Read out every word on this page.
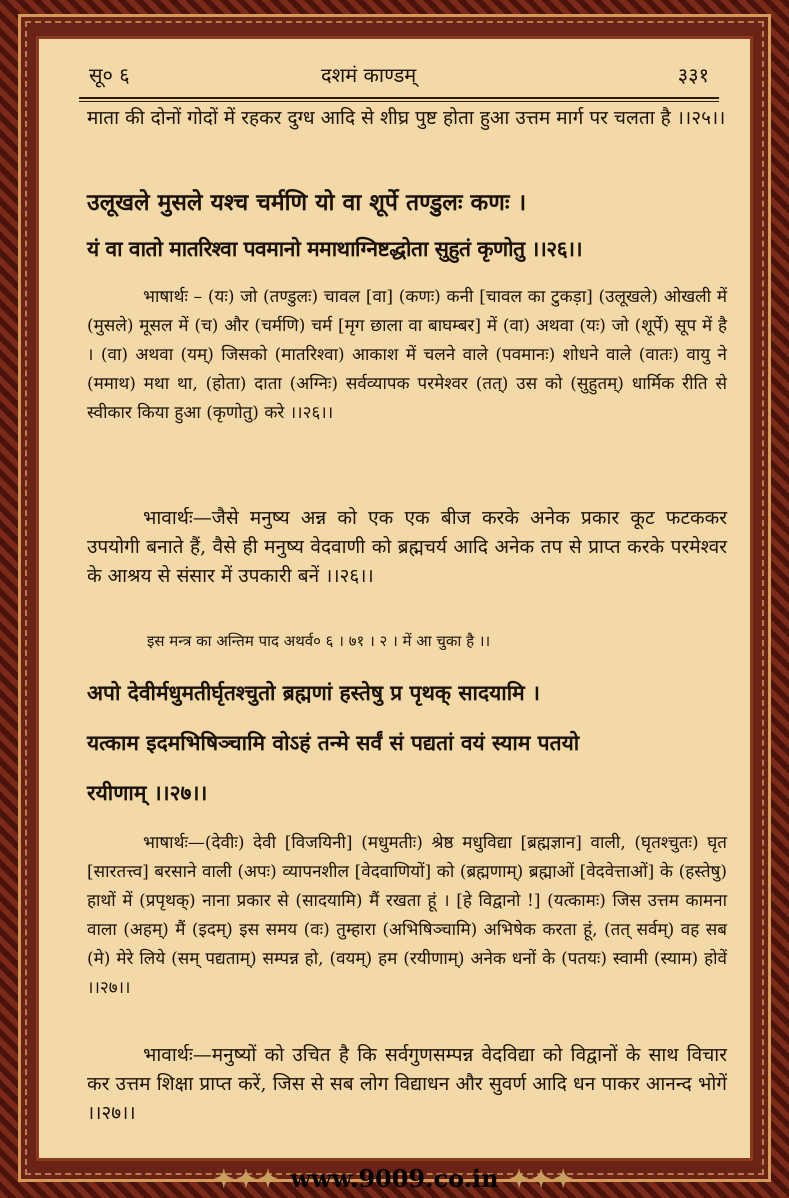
सू० ६	दशमं काण्डम्	३३१
माता की दोनों गोदों में रहकर दुग्ध आदि से शीघ्र पुष्ट होता हुआ उत्तम मार्ग पर चलता है ।।२५।।
उलूखले मुसले यश्च चर्मणि यो वा शूर्पे तण्डुलः कणः ।
यं वा वातो मातरिश्वा पवमानो ममाथाग्निष्टद्धोता सुहुतं कृणोतु ।।२६।।
भाषार्थः – (यः) जो (तण्डुलः) चावल [वा] (कणः) कनी [चावल का टुकड़ा] (उलूखले) ओखली में (मुसले) मूसल में (च) और (चर्मणि) चर्म [मृग छाला वा बाघम्बर] में (वा) अथवा (यः) जो (शूर्पे) सूप में है । (वा) अथवा (यम्) जिसको (मातरिश्वा) आकाश में चलने वाले (पवमानः) शोधने वाले (वातः) वायु ने (ममाथ) मथा था, (होता) दाता (अग्निः) सर्वव्यापक परमेश्वर (तत्) उस को (सुहुतम्) धार्मिक रीति से स्वीकार किया हुआ (कृणोतु) करे ।।२६।।
भावार्थः—जैसे मनुष्य अन्न को एक एक बीज करके अनेक प्रकार कूट फटककर उपयोगी बनाते हैं, वैसे ही मनुष्य वेदवाणी को ब्रह्मचर्य आदि अनेक तप से प्राप्त करके परमेश्वर के आश्रय से संसार में उपकारी बनें ।।२६।।
इस मन्त्र का अन्तिम पाद अथर्व० ६ । ७१ । २ । में आ चुका है ।।
अपो देवीर्मधुमतीर्घृतश्चुतो ब्रह्मणां हस्तेषु प्र पृथक् सादयामि ।
यत्काम इदमभिषिञ्चामि वोऽहं तन्मे सर्वं सं पद्यतां वयं स्याम पतयो
रयीणाम् ।।२७।।
भाषार्थः—(देवीः) देवी [विजयिनी] (मधुमतीः) श्रेष्ठ मधुविद्या [ब्रह्मज्ञान] वाली, (घृतश्चुतः) घृत [सारतत्त्व] बरसाने वाली (अपः) व्यापनशील [वेदवाणियों] को (ब्रह्मणाम्) ब्रह्माओं [वेदवेत्ताओं] के (हस्तेषु) हाथों में (प्रपृथक्) नाना प्रकार से (सादयामि) मैं रखता हूं । [हे विद्वानो !] (यत्कामः) जिस उत्तम कामना वाला (अहम्) मैं (इदम्) इस समय (वः) तुम्हारा (अभिषिञ्चामि) अभिषेक करता हूं, (तत् सर्वम्) वह सब (मे) मेरे लिये (सम् पद्यताम्) सम्पन्न हो, (वयम्) हम (रयीणाम्) अनेक धनों के (पतयः) स्वामी (स्याम) होवें ।।२७।।
भावार्थः—मनुष्यों को उचित है कि सर्वगुणसम्पन्न वेदविद्या को विद्वानों के साथ विचार कर उत्तम शिक्षा प्राप्त करें, जिस से सब लोग विद्याधन और सुवर्ण आदि धन पाकर आनन्द भोगें ।।२७।।
✦✦✦ www.9009.co.in ✦✦✦
